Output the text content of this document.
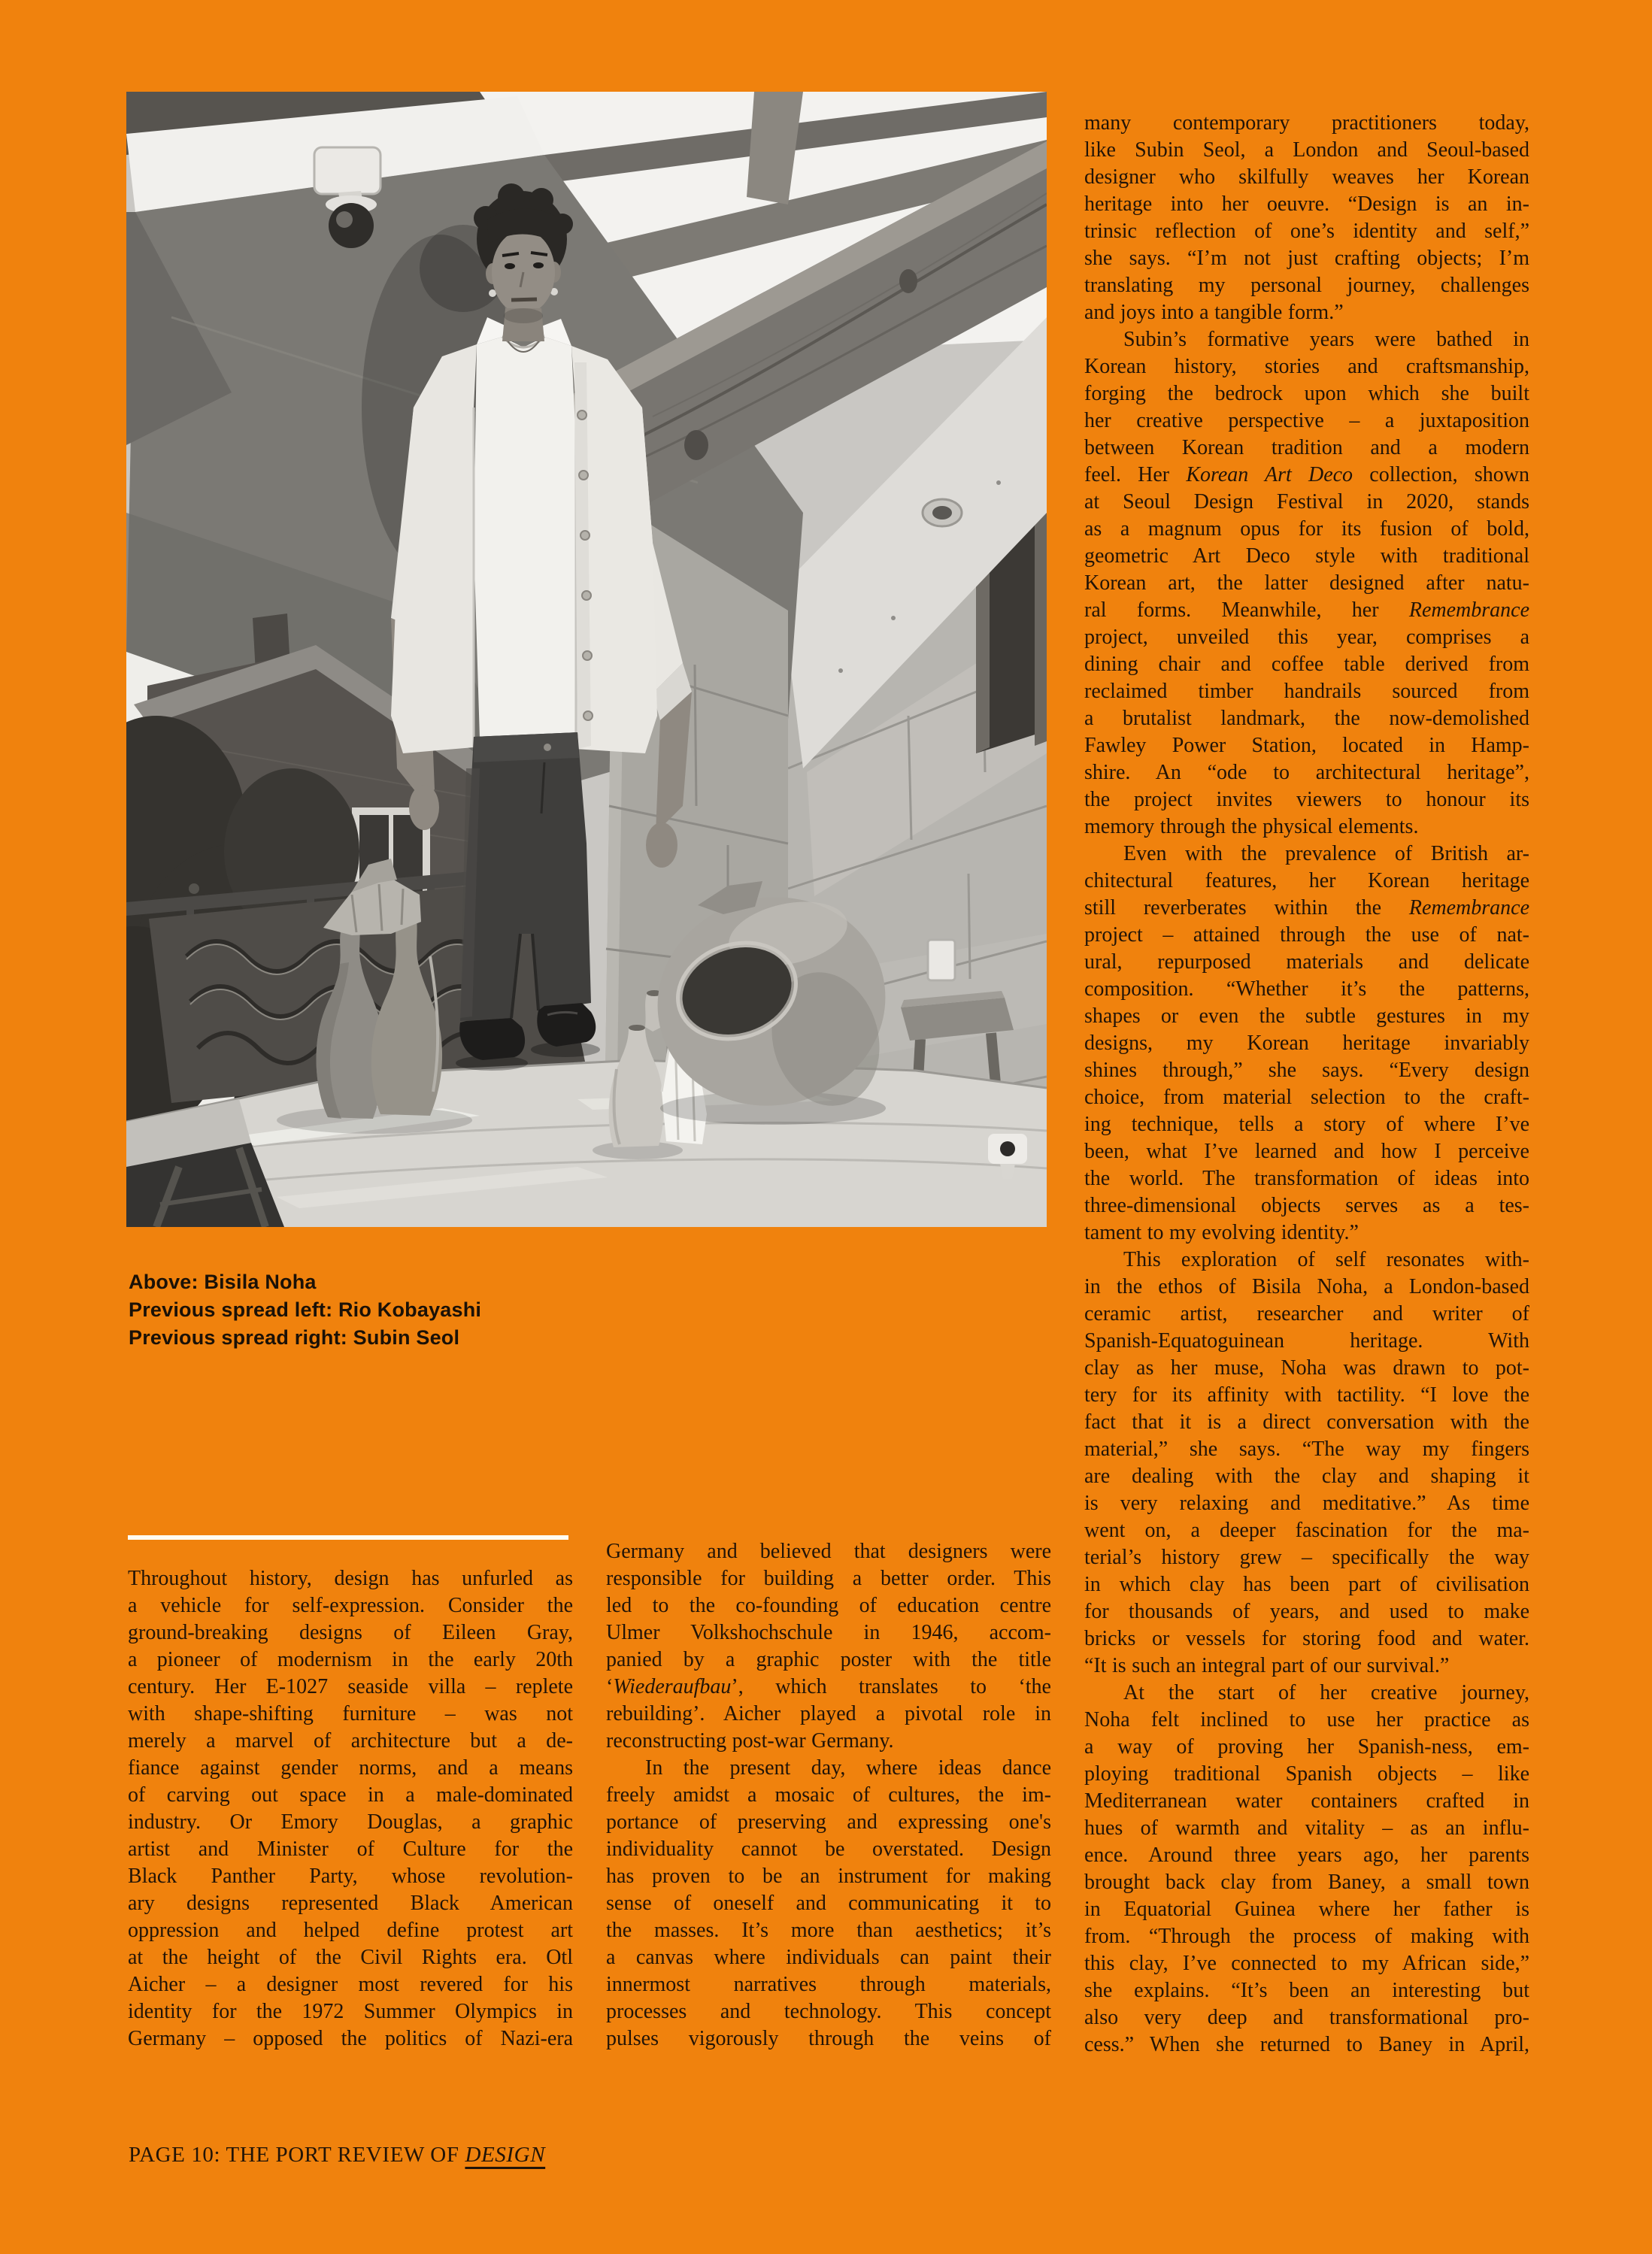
Above: Bisila Noha
Previous spread left: Rio Kobayashi
Previous spread right: Subin Seol
Throughout history, design has unfurled as
a vehicle for self-expression. Consider the
ground-breaking designs of Eileen Gray,
a pioneer of modernism in the early 20th
century. Her E-1027 seaside villa – replete
with shape-shifting furniture – was not
merely a marvel of architecture but a de-
fiance against gender norms, and a means
of carving out space in a male-dominated
industry. Or Emory Douglas, a graphic
artist and Minister of Culture for the
Black Panther Party, whose revolution-
ary designs represented Black American
oppression and helped define protest art
at the height of the Civil Rights era. Otl
Aicher – a designer most revered for his
identity for the 1972 Summer Olympics in
Germany – opposed the politics of Nazi-era
Germany and believed that designers were
responsible for building a better order. This
led to the co-founding of education centre
Ulmer Volkshochschule in 1946, accom-
panied by a graphic poster with the title
‘Wiederaufbau’, which translates to ‘the
rebuilding’. Aicher played a pivotal role in
reconstructing post-war Germany.
In the present day, where ideas dance
freely amidst a mosaic of cultures, the im-
portance of preserving and expressing one's
individuality cannot be overstated. Design
has proven to be an instrument for making
sense of oneself and communicating it to
the masses. It’s more than aesthetics; it’s
a canvas where individuals can paint their
innermost narratives through materials,
processes and technology. This concept
pulses vigorously through the veins of
many contemporary practitioners today,
like Subin Seol, a London and Seoul-based
designer who skilfully weaves her Korean
heritage into her oeuvre. “Design is an in-
trinsic reflection of one’s identity and self,”
she says. “I’m not just crafting objects; I’m
translating my personal journey, challenges
and joys into a tangible form.”
Subin’s formative years were bathed in
Korean history, stories and craftsmanship,
forging the bedrock upon which she built
her creative perspective – a juxtaposition
between Korean tradition and a modern
feel. Her Korean Art Deco collection, shown
at Seoul Design Festival in 2020, stands
as a magnum opus for its fusion of bold,
geometric Art Deco style with traditional
Korean art, the latter designed after natu-
ral forms. Meanwhile, her Remembrance
project, unveiled this year, comprises a
dining chair and coffee table derived from
reclaimed timber handrails sourced from
a brutalist landmark, the now-demolished
Fawley Power Station, located in Hamp-
shire. An “ode to architectural heritage”,
the project invites viewers to honour its
memory through the physical elements.
Even with the prevalence of British ar-
chitectural features, her Korean heritage
still reverberates within the Remembrance
project – attained through the use of nat-
ural, repurposed materials and delicate
composition. “Whether it’s the patterns,
shapes or even the subtle gestures in my
designs, my Korean heritage invariably
shines through,” she says. “Every design
choice, from material selection to the craft-
ing technique, tells a story of where I’ve
been, what I’ve learned and how I perceive
the world. The transformation of ideas into
three-dimensional objects serves as a tes-
tament to my evolving identity.”
This exploration of self resonates with-
in the ethos of Bisila Noha, a London-based
ceramic artist, researcher and writer of
Spanish-Equatoguinean heritage. With
clay as her muse, Noha was drawn to pot-
tery for its affinity with tactility. “I love the
fact that it is a direct conversation with the
material,” she says. “The way my fingers
are dealing with the clay and shaping it
is very relaxing and meditative.” As time
went on, a deeper fascination for the ma-
terial’s history grew – specifically the way
in which clay has been part of civilisation
for thousands of years, and used to make
bricks or vessels for storing food and water.
“It is such an integral part of our survival.”
At the start of her creative journey,
Noha felt inclined to use her practice as
a way of proving her Spanish-ness, em-
ploying traditional Spanish objects – like
Mediterranean water containers crafted in
hues of warmth and vitality – as an influ-
ence. Around three years ago, her parents
brought back clay from Baney, a small town
in Equatorial Guinea where her father is
from. “Through the process of making with
this clay, I’ve connected to my African side,”
she explains. “It’s been an interesting but
also very deep and transformational pro-
cess.” When she returned to Baney in April,
PAGE 10: THE PORT REVIEW OF DESIGN
